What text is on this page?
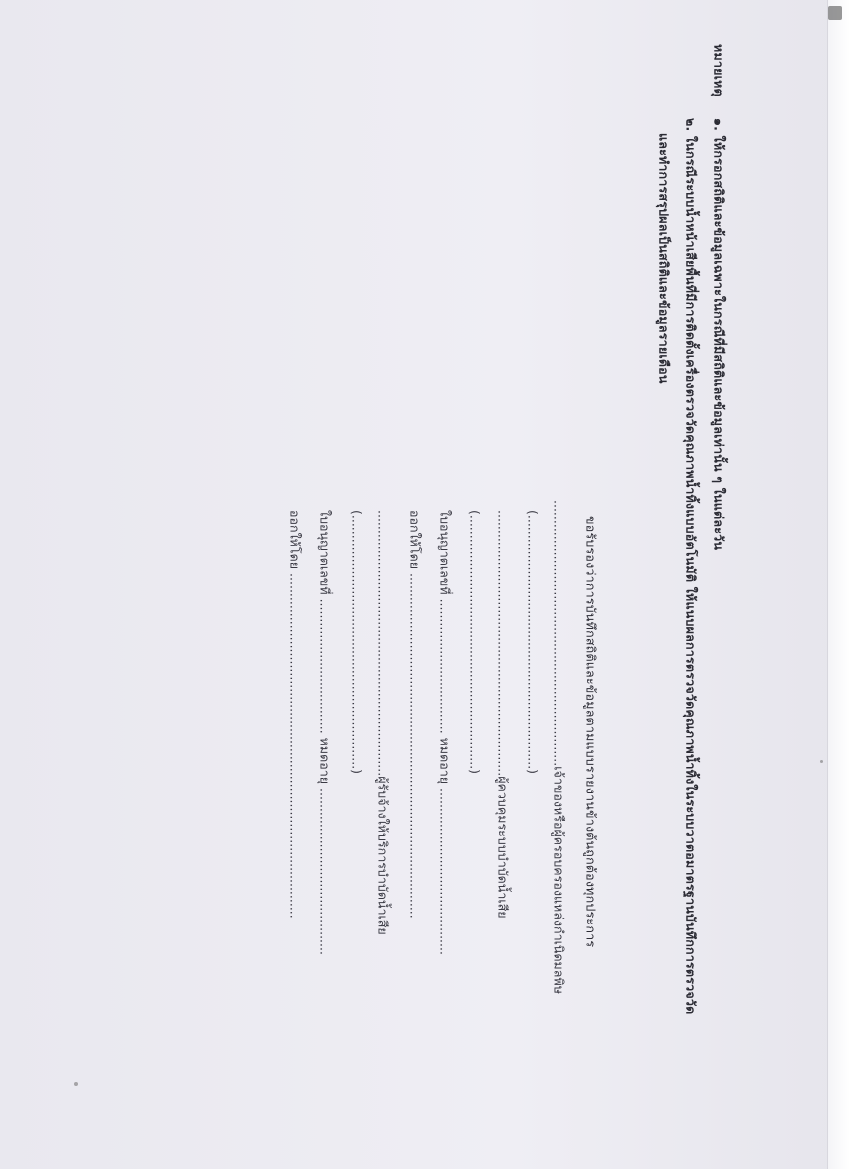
หมายเหตุ
๑. ให้กรอกสถิติและข้อมูลเฉพาะในกรณีที่มีสถิติและข้อมูลเท่านั้น ๆ ในแต่ละวัน
๒. ในกรณีระบบน้ำหน้าเสียพื้นที่มีการติดตั้งเครื่องตรวจวัดคุณภาพน้ำทิ้งแบบอัตโนมัติ ให้แนบผลการตรวจวัดคุณภาพน้ำทิ้งในระบบวาตอมาตรฐานบันทึกการตรวจวัด
และทำการสรุปผลเป็นสถิติและข้อมูลรายเดือน
ขอรับรองว่าการบันทึกสถิติและข้อมูลตามแบบรายงานข้างต้นถูกต้องทุกประการ
...................................................................เจ้าของหรือผู้ครอบครองแหล่งกำเนิดมลพิษ
(................................................................)
...................................................................ผู้ควบคุมระบบบำบัดน้ำเสีย
(................................................................)
ใบอนุญาตเลขที่ .................................. หมดอายุ ..........................................
ออกให้โดย .......................................................................................
...................................................................ผู้รับจ้างให้บริการบำบัดน้ำเสีย
(................................................................)
ใบอนุญาตเลขที่ .................................. หมดอายุ ..........................................
ออกให้โดย .......................................................................................
